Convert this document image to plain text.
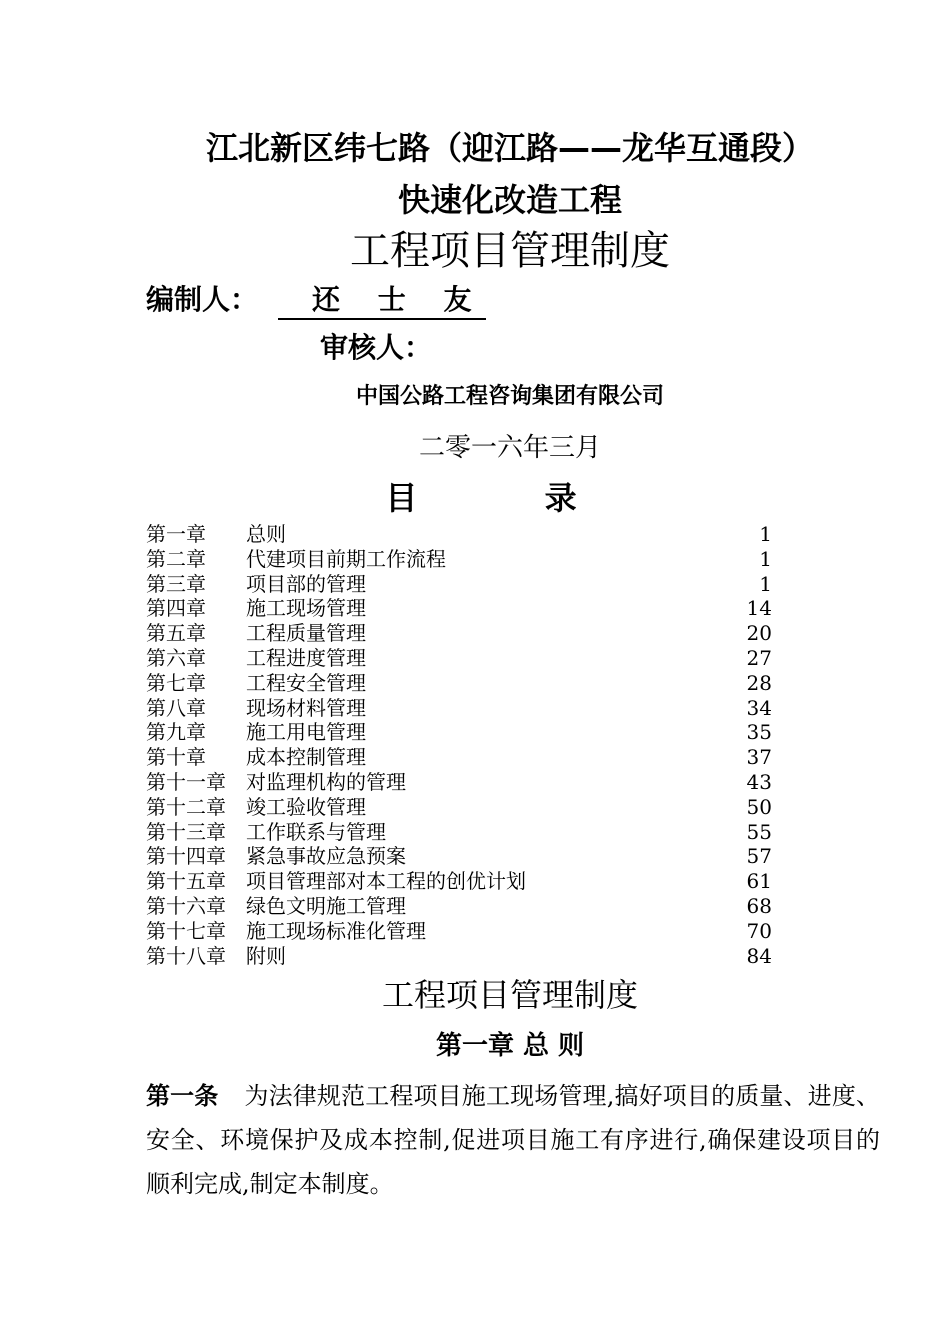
江北新区纬七路（迎江路——龙华互通段）
快速化改造工程
工程项目管理制度
编制人： 还 士 友
审核人：
中国公路工程咨询集团有限公司
二零一六年三月
目 录
第一章 总则	1
第二章 代建项目前期工作流程	1
第三章 项目部的管理	1
第四章 施工现场管理	14
第五章 工程质量管理	20
第六章 工程进度管理	27
第七章 工程安全管理	28
第八章 现场材料管理	34
第九章 施工用电管理	35
第十章 成本控制管理	37
第十一章 对监理机构的管理	43
第十二章 竣工验收管理	50
第十三章 工作联系与管理	55
第十四章 紧急事故应急预案	57
第十五章 项目管理部对本工程的创优计划	61
第十六章 绿色文明施工管理	68
第十七章 施工现场标准化管理	70
第十八章 附则	84
工程项目管理制度
第一章 总 则
第一条 为法律规范工程项目施工现场管理,搞好项目的质量、进度、安全、环境保护及成本控制,促进项目施工有序进行,确保建设项目的顺利完成,制定本制度。
